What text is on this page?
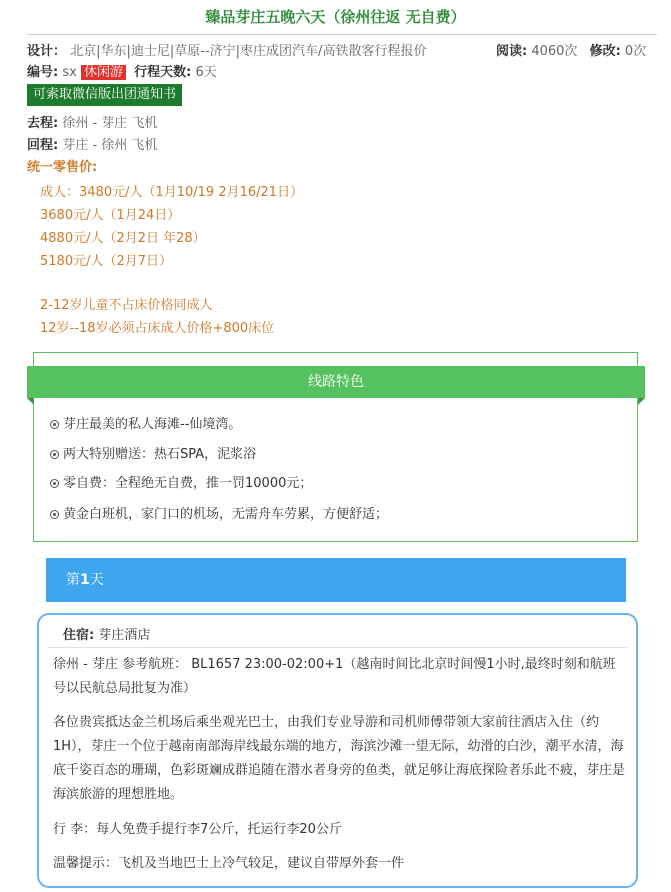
臻品芽庄五晚六天（徐州往返 无自费）
设计： 北京|华东|迪士尼|草原--济宁|枣庄成团汽车/高铁散客行程报价	阅读: 4060次 修改: 0次
编号: sx 休闲游 行程天数: 6天
可索取微信版出团通知书
去程: 徐州 - 芽庄 飞机
回程: 芽庄 - 徐州 飞机
统一零售价:
成人：3480元/人（1月10/19 2月16/21日）
3680元/人（1月24日）
4880元/人（2月2日 年28）
5180元/人（2月7日）
2-12岁儿童不占床价格同成人
12岁--18岁必须占床成人价格+800床位
线路特色
芽庄最美的私人海滩--仙境湾。
两大特别赠送：热石SPA，泥浆浴
零自费：全程绝无自费，推一罚10000元；
黄金白班机，家门口的机场，无需舟车劳累，方便舒适；
第1天
住宿: 芽庄酒店
徐州 - 芽庄 参考航班： BL1657 23:00-02:00+1（越南时间比北京时间慢1小时,最终时刻和航班号以民航总局批复为准）
各位贵宾抵达金兰机场后乘坐观光巴士，由我们专业导游和司机师傅带领大家前往酒店入住（约1H），芽庄一个位于越南南部海岸线最东端的地方，海滨沙滩一望无际，幼滑的白沙，潮平水清，海底千姿百态的珊瑚，色彩斑斓成群追随在潜水者身旁的鱼类，就足够让海底探险者乐此不疲，芽庄是海滨旅游的理想胜地。
行 李：每人免费手提行李7公斤，托运行李20公斤
温馨提示：飞机及当地巴士上冷气较足，建议自带厚外套一件
